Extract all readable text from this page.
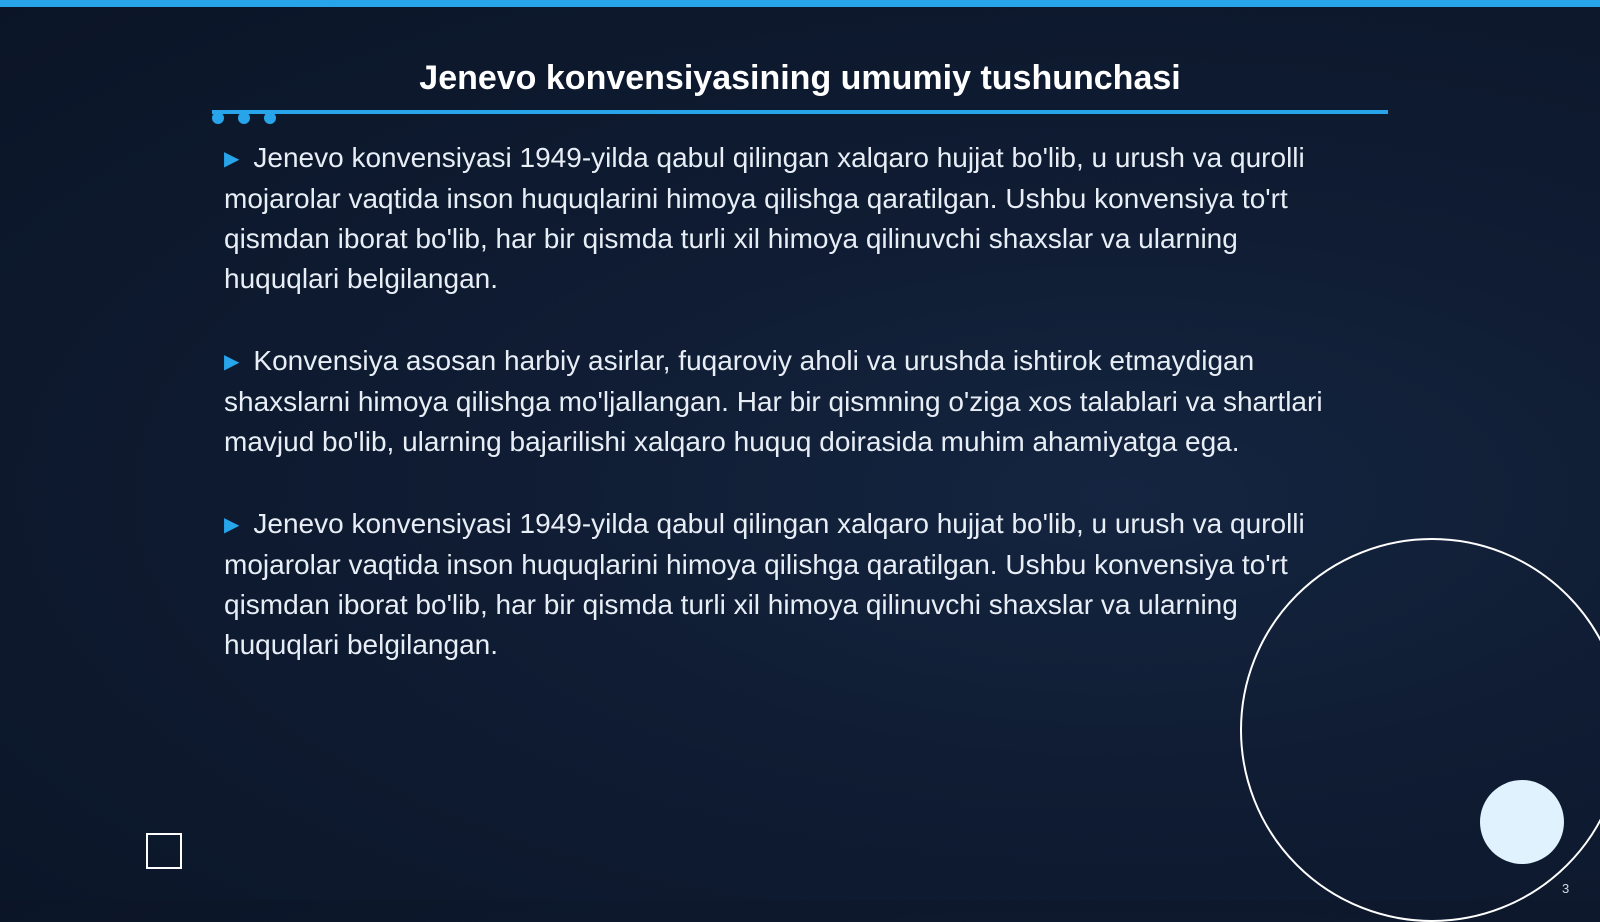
Jenevo konvensiyasining umumiy tushunchasi

▶ Jenevo konvensiyasi 1949-yilda qabul qilingan xalqaro hujjat bo'lib, u urush va qurolli mojarolar vaqtida inson huquqlarini himoya qilishga qaratilgan. Ushbu konvensiya to'rt qismdan iborat bo'lib, har bir qismda turli xil himoya qilinuvchi shaxslar va ularning huquqlari belgilangan.

▶ Konvensiya asosan harbiy asirlar, fuqaroviy aholi va urushda ishtirok etmaydigan shaxslarni himoya qilishga mo'ljallangan. Har bir qismning o'ziga xos talablari va shartlari mavjud bo'lib, ularning bajarilishi xalqaro huquq doirasida muhim ahamiyatga ega.

▶ Jenevo konvensiyasi 1949-yilda qabul qilingan xalqaro hujjat bo'lib, u urush va qurolli mojarolar vaqtida inson huquqlarini himoya qilishga qaratilgan. Ushbu konvensiya to'rt qismdan iborat bo'lib, har bir qismda turli xil himoya qilinuvchi shaxslar va ularning huquqlari belgilangan.

3
